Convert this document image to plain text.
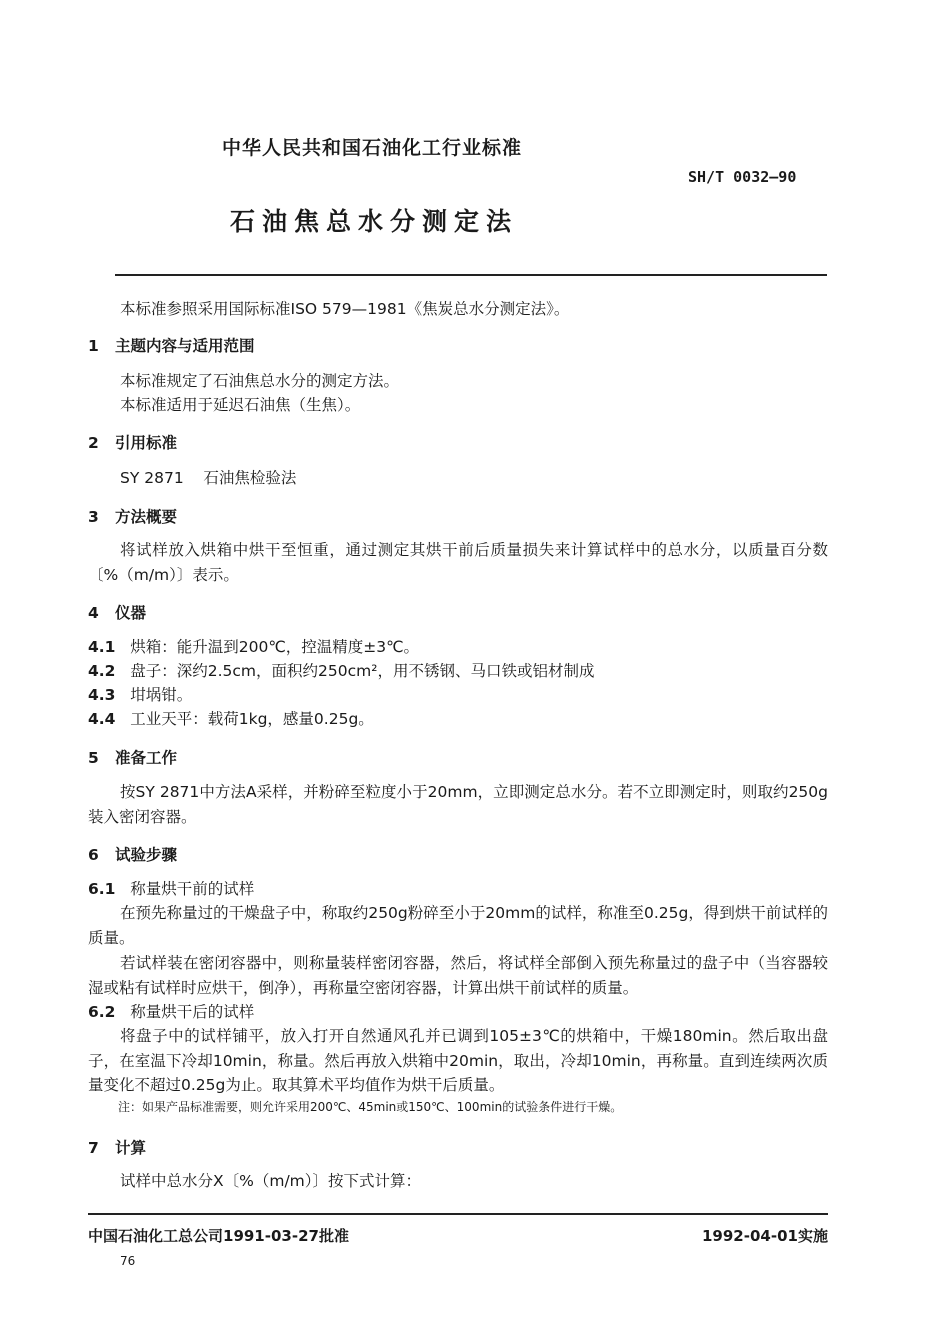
中华人民共和国石油化工行业标准
SH/T 0032—90
石油焦总水分测定法
本标准参照采用国际标准ISO 579—1981《焦炭总水分测定法》。
1 主题内容与适用范围
本标准规定了石油焦总水分的测定方法。
本标准适用于延迟石油焦（生焦）。
2 引用标准
SY 2871 石油焦检验法
3 方法概要
将试样放入烘箱中烘干至恒重，通过测定其烘干前后质量损失来计算试样中的总水分，以质量百分数〔%（m/m）〕表示。
4 仪器
4.1 烘箱：能升温到200℃，控温精度±3℃。
4.2 盘子：深约2.5cm，面积约250cm²，用不锈钢、马口铁或铝材制成
4.3 坩埚钳。
4.4 工业天平：载荷1kg，感量0.25g。
5 准备工作
按SY 2871中方法A采样，并粉碎至粒度小于20mm，立即测定总水分。若不立即测定时，则取约250g装入密闭容器。
6 试验步骤
6.1 称量烘干前的试样
在预先称量过的干燥盘子中，称取约250g粉碎至小于20mm的试样，称准至0.25g，得到烘干前试样的质量。
若试样装在密闭容器中，则称量装样密闭容器，然后，将试样全部倒入预先称量过的盘子中（当容器较湿或粘有试样时应烘干，倒净），再称量空密闭容器，计算出烘干前试样的质量。
6.2 称量烘干后的试样
将盘子中的试样铺平，放入打开自然通风孔并已调到105±3℃的烘箱中，干燥180min。然后取出盘子，在室温下冷却10min，称量。然后再放入烘箱中20min，取出，冷却10min，再称量。直到连续两次质量变化不超过0.25g为止。取其算术平均值作为烘干后质量。
注：如果产品标准需要，则允许采用200℃、45min或150℃、100min的试验条件进行干燥。
7 计算
试样中总水分X〔%（m/m）〕按下式计算：
中国石油化工总公司1991-03-27批准	1992-04-01实施
76
